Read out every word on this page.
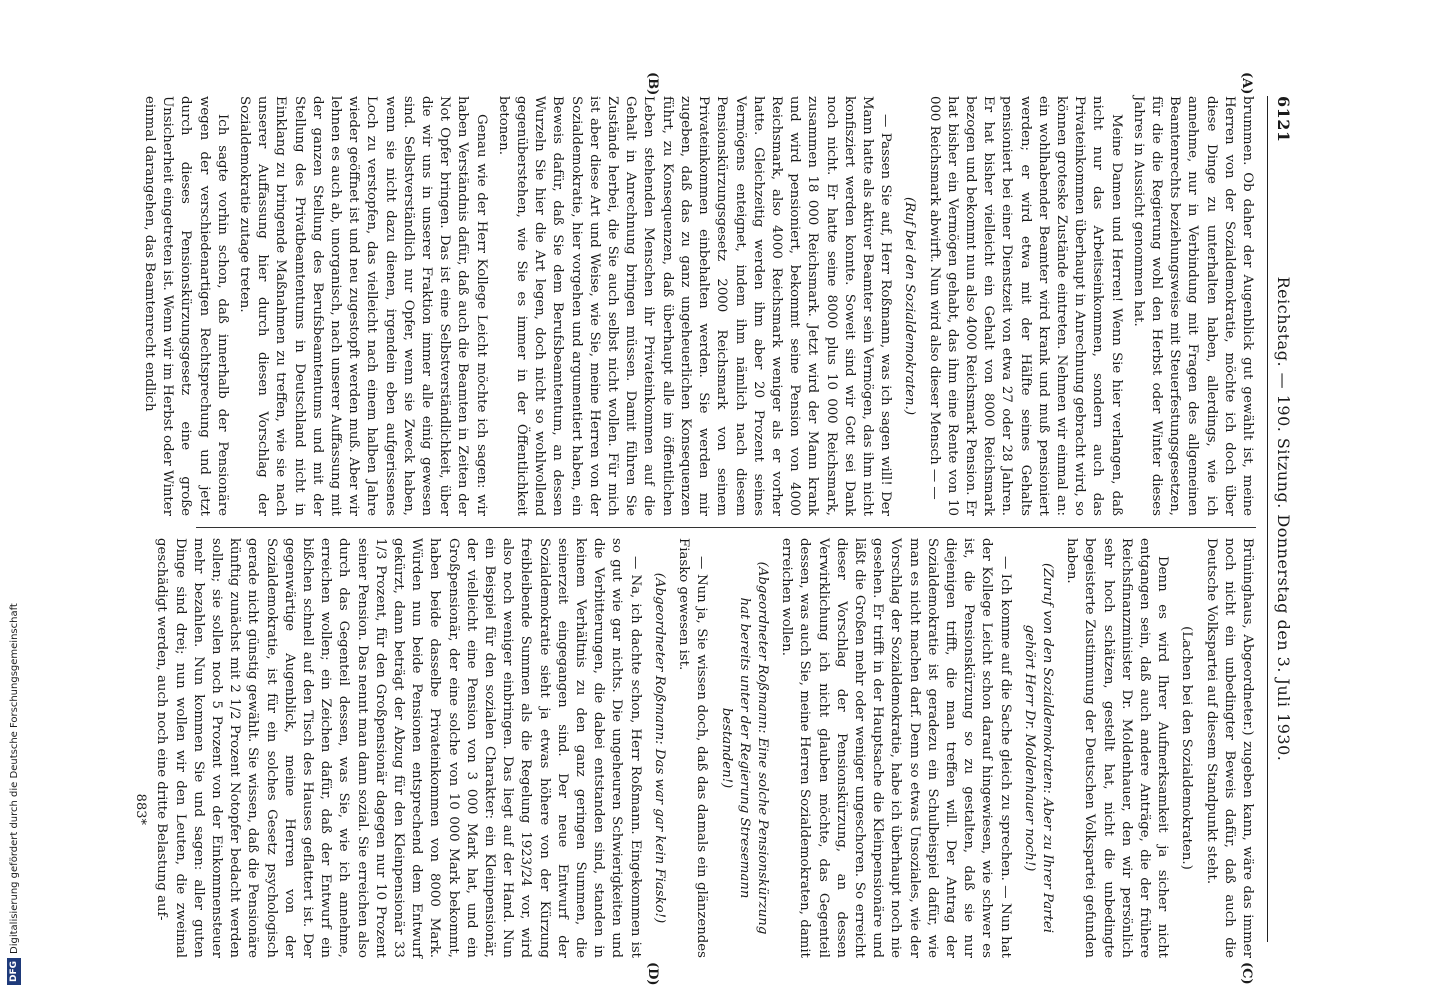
DFGDigitalisierung gefördert durch die Deutsche Forschungsgemeinschaft
6121
Reichstag. — 190. Sitzung. Donnerstag den 3. Juli 1930.
(A)
(B)
(C)
(D)

brummen. Ob daher der Augenblick gut gewählt ist, meine Herren von der Sozialdemokratie, möchte ich doch über diese Dinge zu unterhalten haben, allerdings, wie ich annehme, nur in Verbindung mit Fragen des allgemeinen Beamtenrechts beziehungsweise mit Steuerfestungsgesetzen, für die die Regierung wohl den Herbst oder Winter dieses Jahres in Aussicht genommen hat.

Meine Damen und Herren! Wenn Sie hier verlangen, daß nicht nur das Arbeitseinkommen, sondern auch das Privateinkommen überhaupt in Anrechnung gebracht wird, so können groteske Zustände eintreten. Nehmen wir einmal an: ein wohlhabender Beamter wird krank und muß pensioniert werden; er wird etwa mit der Hälfte seines Gehalts pensioniert bei einer Dienstzeit von etwa 27 oder 28 Jahren. Er hat bisher vielleicht ein Gehalt von 8000 Reichsmark bezogen und bekommt nun also 4000 Reichsmark Pension. Er hat bisher ein Vermögen gehabt, das ihm eine Rente von 10 000 Reichsmark abwirft. Nun wird also dieser Mensch — —

(Ruf bei den Sozialdemokraten.)

— Passen Sie auf, Herr Roßmann, was ich sagen will! Der Mann hatte als aktiver Beamter sein Vermögen, das ihm nicht konfisziert werden konnte. Soweit sind wir Gott sei Dank noch nicht. Er hatte seine 8000 plus 10 000 Reichsmark, zusammen 18 000 Reichsmark. Jetzt wird der Mann krank und wird pensioniert, bekommt seine Pension von 4000 Reichsmark, also 4000 Reichsmark weniger als er vorher hatte. Gleichzeitig werden ihm aber 20 Prozent seines Vermögens enteignet, indem ihm nämlich nach diesem Pensionskürzungsgesetz 2000 Reichsmark von seinem Privateinkommen einbehalten werden. Sie werden mir zugeben, daß das zu ganz ungeheuerlichen Konsequenzen führt, zu Konsequenzen, daß überhaupt alle im öffentlichen Leben stehenden Menschen ihr Privateinkommen auf die Gehalt in Anrechnung bringen müssen. Damit führen Sie Zustände herbei, die Sie auch selbst nicht wollen. Für mich ist aber diese Art und Weise, wie Sie, meine Herren von der Sozialdemokratie, hier vorgehen und argumentiert haben, ein Beweis dafür, daß Sie dem Berufsbeamtentum, an dessen Wurzeln Sie hier die Art legen, doch nicht so wohlwollend gegenüberstehen, wie Sie es immer in der Öffentlichkeit betonen.

Genau wie der Herr Kollege Leicht möchte ich sagen: wir haben Verständnis dafür, daß auch die Beamten in Zeiten der Not Opfer bringen. Das ist eine Selbstverständlichkeit, über die wir uns in unserer Fraktion immer alle einig gewesen sind. Selbstverständlich nur Opfer, wenn sie Zweck haben, wenn sie nicht dazu dienen, irgendein eben aufgerissenes Loch zu verstopfen, das vielleicht nach einem halben Jahre wieder geöffnet ist und neu zugestopft werden muß. Aber wir lehnen es auch ab, unorganisch, nach unserer Auffassung mit der ganzen Stellung des Berufsbeamtentums und mit der Stellung des Privatbeamtentums in Deutschland nicht in Einklang zu bringende Maßnahmen zu treffen, wie sie nach unserer Auffassung hier durch diesen Vorschlag der Sozialdemokratie zutage treten.

Ich sagte vorhin schon, daß innerhalb der Pensionäre wegen der verschiedenartigen Rechtsprechung und jetzt durch dieses Pensionskürzungsgesetz eine große Unsicherheit eingetreten ist. Wenn wir im Herbst oder Winter einmal darangehen, das Beamtenrecht endlich

Brüninghaus, Abgeordneter.) zugeben kann, wäre das immer noch nicht ein unbedingter Beweis dafür, daß auch die Deutsche Volkspartei auf diesem Standpunkt steht.

(Lachen bei den Sozialdemokraten.)

Denn es wird Ihrer Aufmerksamkeit ja sicher nicht entgangen sein, daß auch andere Anträge, die der frühere Reichsfinanzminister Dr. Moldenhauer, den wir persönlich sehr hoch schätzen, gestellt hat, nicht die unbedingte begeisterte Zustimmung der Deutschen Volkspartei gefunden haben.

(Zuruf von den Sozialdemokraten: Aber zu Ihrer Partei gehört Herr Dr. Moldenhauer noch!)

— Ich komme auf die Sache gleich zu sprechen. — Nun hat der Kollege Leicht schon darauf hingewiesen, wie schwer es ist, die Pensionskürzung so zu gestalten, daß sie nur diejenigen trifft, die man treffen will. Der Antrag der Sozialdemokratie ist geradezu ein Schulbeispiel dafür, wie man es nicht machen darf. Denn so etwas Unsoziales, wie der Vorschlag der Sozialdemokratie, habe ich überhaupt noch nie gesehen. Er trifft in der Hauptsache die Kleinpensionäre und läßt die Großen mehr oder weniger ungeschoren. So erreicht dieser Vorschlag der Pensionskürzung, an dessen Verwirklichung ich nicht glauben möchte, das Gegenteil dessen, was auch Sie, meine Herren Sozialdemokraten, damit erreichen wollen.

(Abgeordneter Roßmann: Eine solche Pensionskürzung hat bereits unter der Regierung Stresemann bestanden!)

— Nun ja, Sie wissen doch, daß das damals ein glänzendes Fiasko gewesen ist.

(Abgeordneter Roßmann: Das war gar kein Fiasko!)

— Na, ich dachte schon, Herr Roßmann. Eingekommen ist so gut wie gar nichts. Die ungeheuren Schwierigkeiten und die Verbitterungen, die dabei entstanden sind, standen in keinem Verhältnis zu den ganz geringen Summen, die seinerzeit eingegangen sind. Der neue Entwurf der Sozialdemokratie sieht ja etwas höhere von der Kürzung freibleibende Summen als die Regelung 1923/24 vor, wird also noch weniger einbringen. Das liegt auf der Hand. Nun ein Beispiel für den sozialen Charakter: ein Kleinpensionär, der vielleicht eine Pension von 3 000 Mark hat, und ein Großpensionär, der eine solche von 10 000 Mark bekommt, haben beide dasselbe Privateinkommen von 8000 Mark. Würden nun beide Pensionen entsprechend dem Entwurf gekürzt, dann beträgt der Abzug für den Kleinpensionär 33 1/3 Prozent, für den Großpensionär dagegen nur 10 Prozent seiner Pension. Das nennt man dann sozial. Sie erreichen also durch das Gegenteil dessen, was Sie, wie ich annehme, erreichen wollen; ein Zeichen dafür, daß der Entwurf ein bißchen schnell auf den Tisch des Hauses geflattert ist. Der gegenwärtige Augenblick, meine Herren von der Sozialdemokratie, ist für ein solches Gesetz psychologisch gerade nicht günstig gewählt. Sie wissen, daß die Pensionäre künftig zunächst mit 2 1/2 Prozent Notopfer bedacht werden sollen; sie sollen noch 5 Prozent von der Einkommensteuer mehr bezahlen. Nun kommen Sie und sagen: aller guten Dinge sind drei; nun wollen wir den Leuten, die zweimal geschädigt werden, auch noch eine dritte Belastung auf-

883*
